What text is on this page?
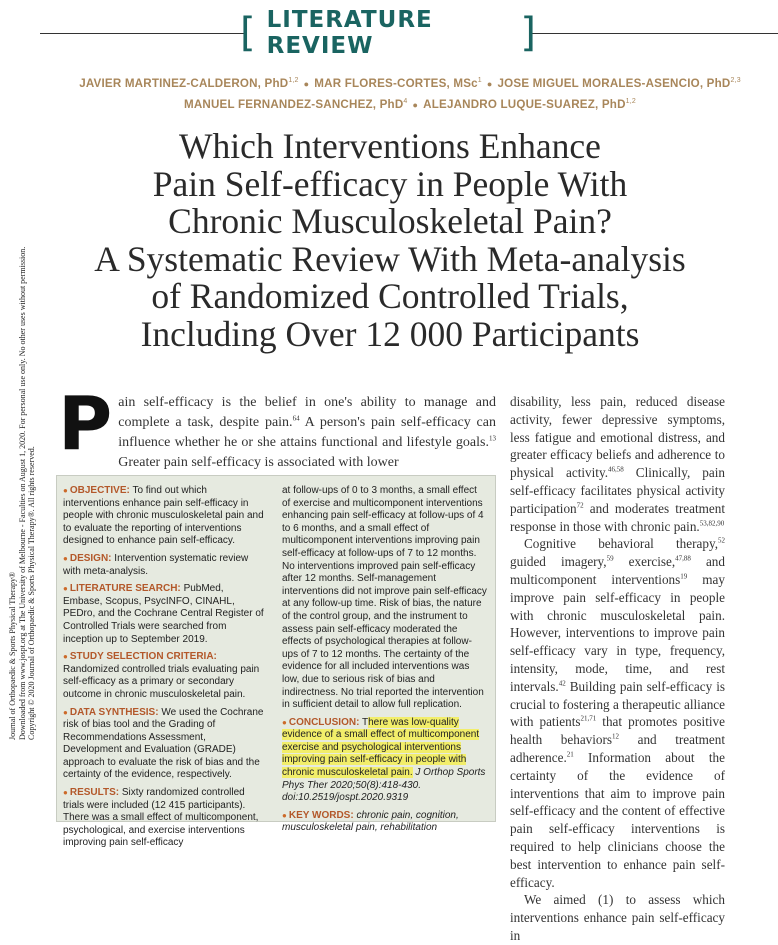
[ LITERATURE REVIEW	]
JAVIER MARTINEZ-CALDERON, PhD$^{1,2}$ ● MAR FLORES-CORTES, MSc$^1$ ● JOSE MIGUEL MORALES-ASENCIO, PhD$^{2,3}$
MANUEL FERNANDEZ-SANCHEZ, PhD$^4$ ● ALEJANDRO LUQUE-SUAREZ, PhD$^{1,2}$
Which Interventions Enhance
Pain Self-efficacy in People With
Chronic Musculoskeletal Pain?
A Systematic Review With Meta-analysis
of Randomized Controlled Trials,
Including Over 12 000 Participants
Journal of Orthopaedic & Sports Physical Therapy® Downloaded from www.jospt.org at The University of Melbourne - Faculties on August 1, 2020. For personal use only. No other uses without permission. Copyright © 2020 Journal of Orthopaedic & Sports Physical Therapy®. All rights reserved.
Pain self-efficacy is the belief in one's ability to manage and complete a task, despite pain.$^{64}$ A person's pain self-efficacy can influence whether he or she attains functional and lifestyle goals.$^{13}$ Greater pain self-efficacy is associated with lower

● OBJECTIVE: To find out which interventions enhance pain self-efficacy in people with chronic musculoskeletal pain and to evaluate the reporting of interventions designed to enhance pain self-efficacy.

● DESIGN: Intervention systematic review with meta-analysis.

● LITERATURE SEARCH: PubMed, Embase, Scopus, PsycINFO, CINAHL, PEDro, and the Cochrane Central Register of Controlled Trials were searched from inception up to September 2019.

● STUDY SELECTION CRITERIA: Randomized controlled trials evaluating pain self-efficacy as a primary or secondary outcome in chronic musculoskeletal pain.

● DATA SYNTHESIS: We used the Cochrane risk of bias tool and the Grading of Recommendations Assessment, Development and Evaluation (GRADE) approach to evaluate the risk of bias and the certainty of the evidence, respectively.

● RESULTS: Sixty randomized controlled trials were included (12 415 participants). There was a small effect of multicomponent, psychological, and exercise interventions improving pain self-efficacy

at follow-ups of 0 to 3 months, a small effect of exercise and multicomponent interventions enhancing pain self-efficacy at follow-ups of 4 to 6 months, and a small effect of multicomponent interventions improving pain self-efficacy at follow-ups of 7 to 12 months. No interventions improved pain self-efficacy after 12 months. Self-management interventions did not improve pain self-efficacy at any follow-up time. Risk of bias, the nature of the control group, and the instrument to assess pain self-efficacy moderated the effects of psychological therapies at follow-ups of 7 to 12 months. The certainty of the evidence for all included interventions was low, due to serious risk of bias and indirectness. No trial reported the intervention in sufficient detail to allow full replication.

● CONCLUSION: There was low-quality evidence of a small effect of multicomponent exercise and psychological interventions improving pain self-efficacy in people with chronic musculoskeletal pain. J Orthop Sports Phys Ther 2020;50(8):418-430. doi:10.2519/jospt.2020.9319

● KEY WORDS: chronic pain, cognition, musculoskeletal pain, rehabilitation

disability, less pain, reduced disease activity, fewer depressive symptoms, less fatigue and emotional distress, and greater efficacy beliefs and adherence to physical activity.$^{46,58}$ Clinically, pain self-efficacy facilitates physical activity participation$^{72}$ and moderates treatment response in those with chronic pain.$^{53,82,90}$

Cognitive behavioral therapy,$^{52}$ guided imagery,$^{59}$ exercise,$^{47,88}$ and multicomponent interventions$^{19}$ may improve pain self-efficacy in people with chronic musculoskeletal pain. However, interventions to improve pain self-efficacy vary in type, frequency, intensity, mode, time, and rest intervals.$^{42}$ Building pain self-efficacy is crucial to fostering a therapeutic alliance with patients$^{21,71}$ that promotes positive health behaviors$^{12}$ and treatment adherence.$^{21}$ Information about the certainty of the evidence of interventions that aim to improve pain self-efficacy and the content of effective pain self-efficacy interventions is required to help clinicians choose the best intervention to enhance pain self-efficacy.

We aimed (1) to assess which interventions enhance pain self-efficacy in
